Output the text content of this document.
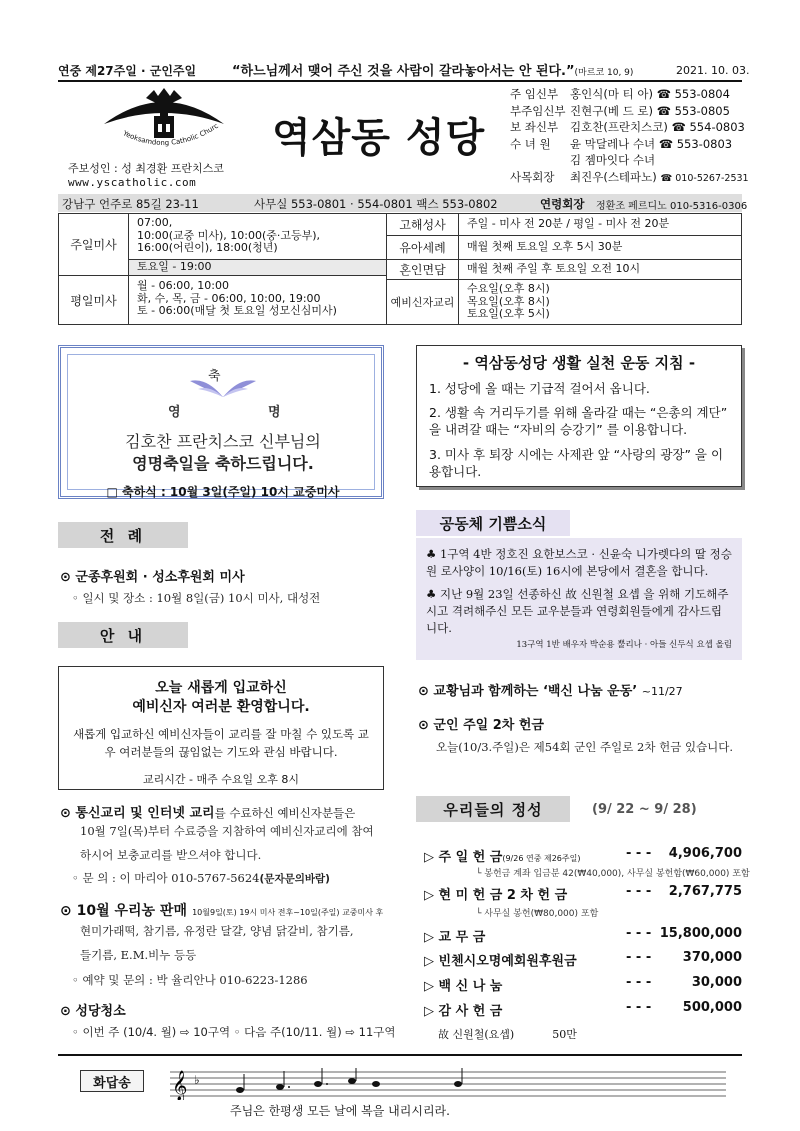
연중 제27주일 · 군인주일	“하느님께서 맺어 주신 것을 사람이 갈라놓아서는 안 된다.”(마르코 10, 9)	2021. 10. 03.
Yeoksamdong Catholic Churc
주보성인 : 성 최경환 프란치스코
www.yscatholic.com
역삼동 성당
주 임신부 홍인식(마 티 아) ☎ 553-0804
부주임신부 진현구(베 드 로) ☎ 553-0805
보 좌신부 김호찬(프란치스코) ☎ 554-0803
수 녀 원 윤 막달레나 수녀 ☎ 553-0803
김 젬마잇다 수녀
사목회장 최진우(스테파노) ☎ 010-5267-2531
강남구 언주로 85길 23-11	사무실 553-0801 · 554-0801 팩스 553-0802	연령회장 정환조 페르디노 010-5316-0306
주일미사
07:00,
10:00(교중 미사), 10:00(중·고등부),
16:00(어린이), 18:00(청년)
토요일 - 19:00
평일미사
월 - 06:00, 10:00
화, 수, 목, 금 - 06:00, 10:00, 19:00
토 - 06:00(매달 첫 토요일 성모신심미사)
고해성사	주일 - 미사 전 20분 / 평일 - 미사 전 20분
유아세례	매월 첫째 토요일 오후 5시 30분
혼인면담	매월 첫째 주일 후 토요일 오전 10시
예비신자교리
수요일(오후 8시)
목요일(오후 8시)
토요일(오후 5시)
축
영	명
김호찬 프란치스코 신부님의
영명축일을 축하드립니다.
□ 축하식 : 10월 3일(주일) 10시 교중미사
- 역삼동성당 생활 실천 운동 지침 -
1. 성당에 올 때는 기급적 걸어서 옵니다.
2. 생활 속 거리두기를 위해 올라갈 때는 “은총의 계단” 을 내려갈 때는 “자비의 승강기” 를 이용합니다.
3. 미사 후 퇴장 시에는 사제관 앞 “사랑의 광장” 을 이용합니다.
전 례
⊙ 군종후원회 · 성소후원회 미사
◦ 일시 및 장소 : 10월 8일(금) 10시 미사, 대성전
안 내
공동체 기쁨소식
♣ 1구역 4반 정호진 요한보스코 · 신윤숙 니가렛다의 딸 정승원 로사양이 10/16(토) 16시에 본당에서 결혼을 합니다.
♣ 지난 9월 23일 선종하신 故 신원철 요셉 을 위해 기도해주시고 격려해주신 모든 교우분들과 연령회원들에게 감사드립니다.
13구역 1반 배우자 박순용 뿔리나 · 아들 신두식 요셉 올림
⊙ 교황님과 함께하는 ‘백신 나눔 운동’ ~11/27
⊙ 군인 주일 2차 헌금
오늘(10/3.주일)은 제54회 군인 주일로 2차 헌금 있습니다.
오늘 새롭게 입교하신
예비신자 여러분 환영합니다.
새롭게 입교하신 예비신자들이 교리를 잘 마칠 수 있도록 교우 여러분들의 끊임없는 기도와 관심 바랍니다.
교리시간 - 매주 수요일 오후 8시
⊙ 통신교리 및 인터넷 교리를 수료하신 예비신자분들은
10월 7일(목)부터 수료증을 지참하여 예비신자교리에 참여
하시어 보충교리를 받으셔야 합니다.
◦ 문 의 : 이 마리아 010-5767-5624(문자문의바람)
⊙ 10월 우리농 판매 10월9일(토) 19시 미사 전후~10일(주일) 교중미사 후
현미가래떡, 참기름, 유정란 달걀, 양념 닭갈비, 참기름,
들기름, E.M.비누 등등
◦ 예약 및 문의 : 박 율리안나 010-6223-1286
⊙ 성당청소
◦ 이번 주 (10/4. 월) ⇨ 10구역 ◦ 다음 주(10/11. 월) ⇨ 11구역
우리들의 정성	(9/ 22 ~ 9/ 28)
▷ 주 일 헌 금(9/26 연중 제26주일)	- - - 4,906,700
└ 봉헌금 계좌 입금분 42(₩40,000), 사무실 봉헌함(₩60,000) 포함
▷ 현 미 헌 금 2 차 헌 금	- - - 2,767,775
└ 사무실 봉헌(₩80,000) 포함
▷ 교 무 금	- - - 15,800,000
▷ 빈첸시오명예회원후원금	- - - 370,000
▷ 백 신 나 눔	- - -	30,000
▷ 감 사 헌 금	- - - 500,000
故 신원철(요셉)	50만
화답송	𝄞 ♭
주님은 한평생 모든 날에 복을 내리시리라.
